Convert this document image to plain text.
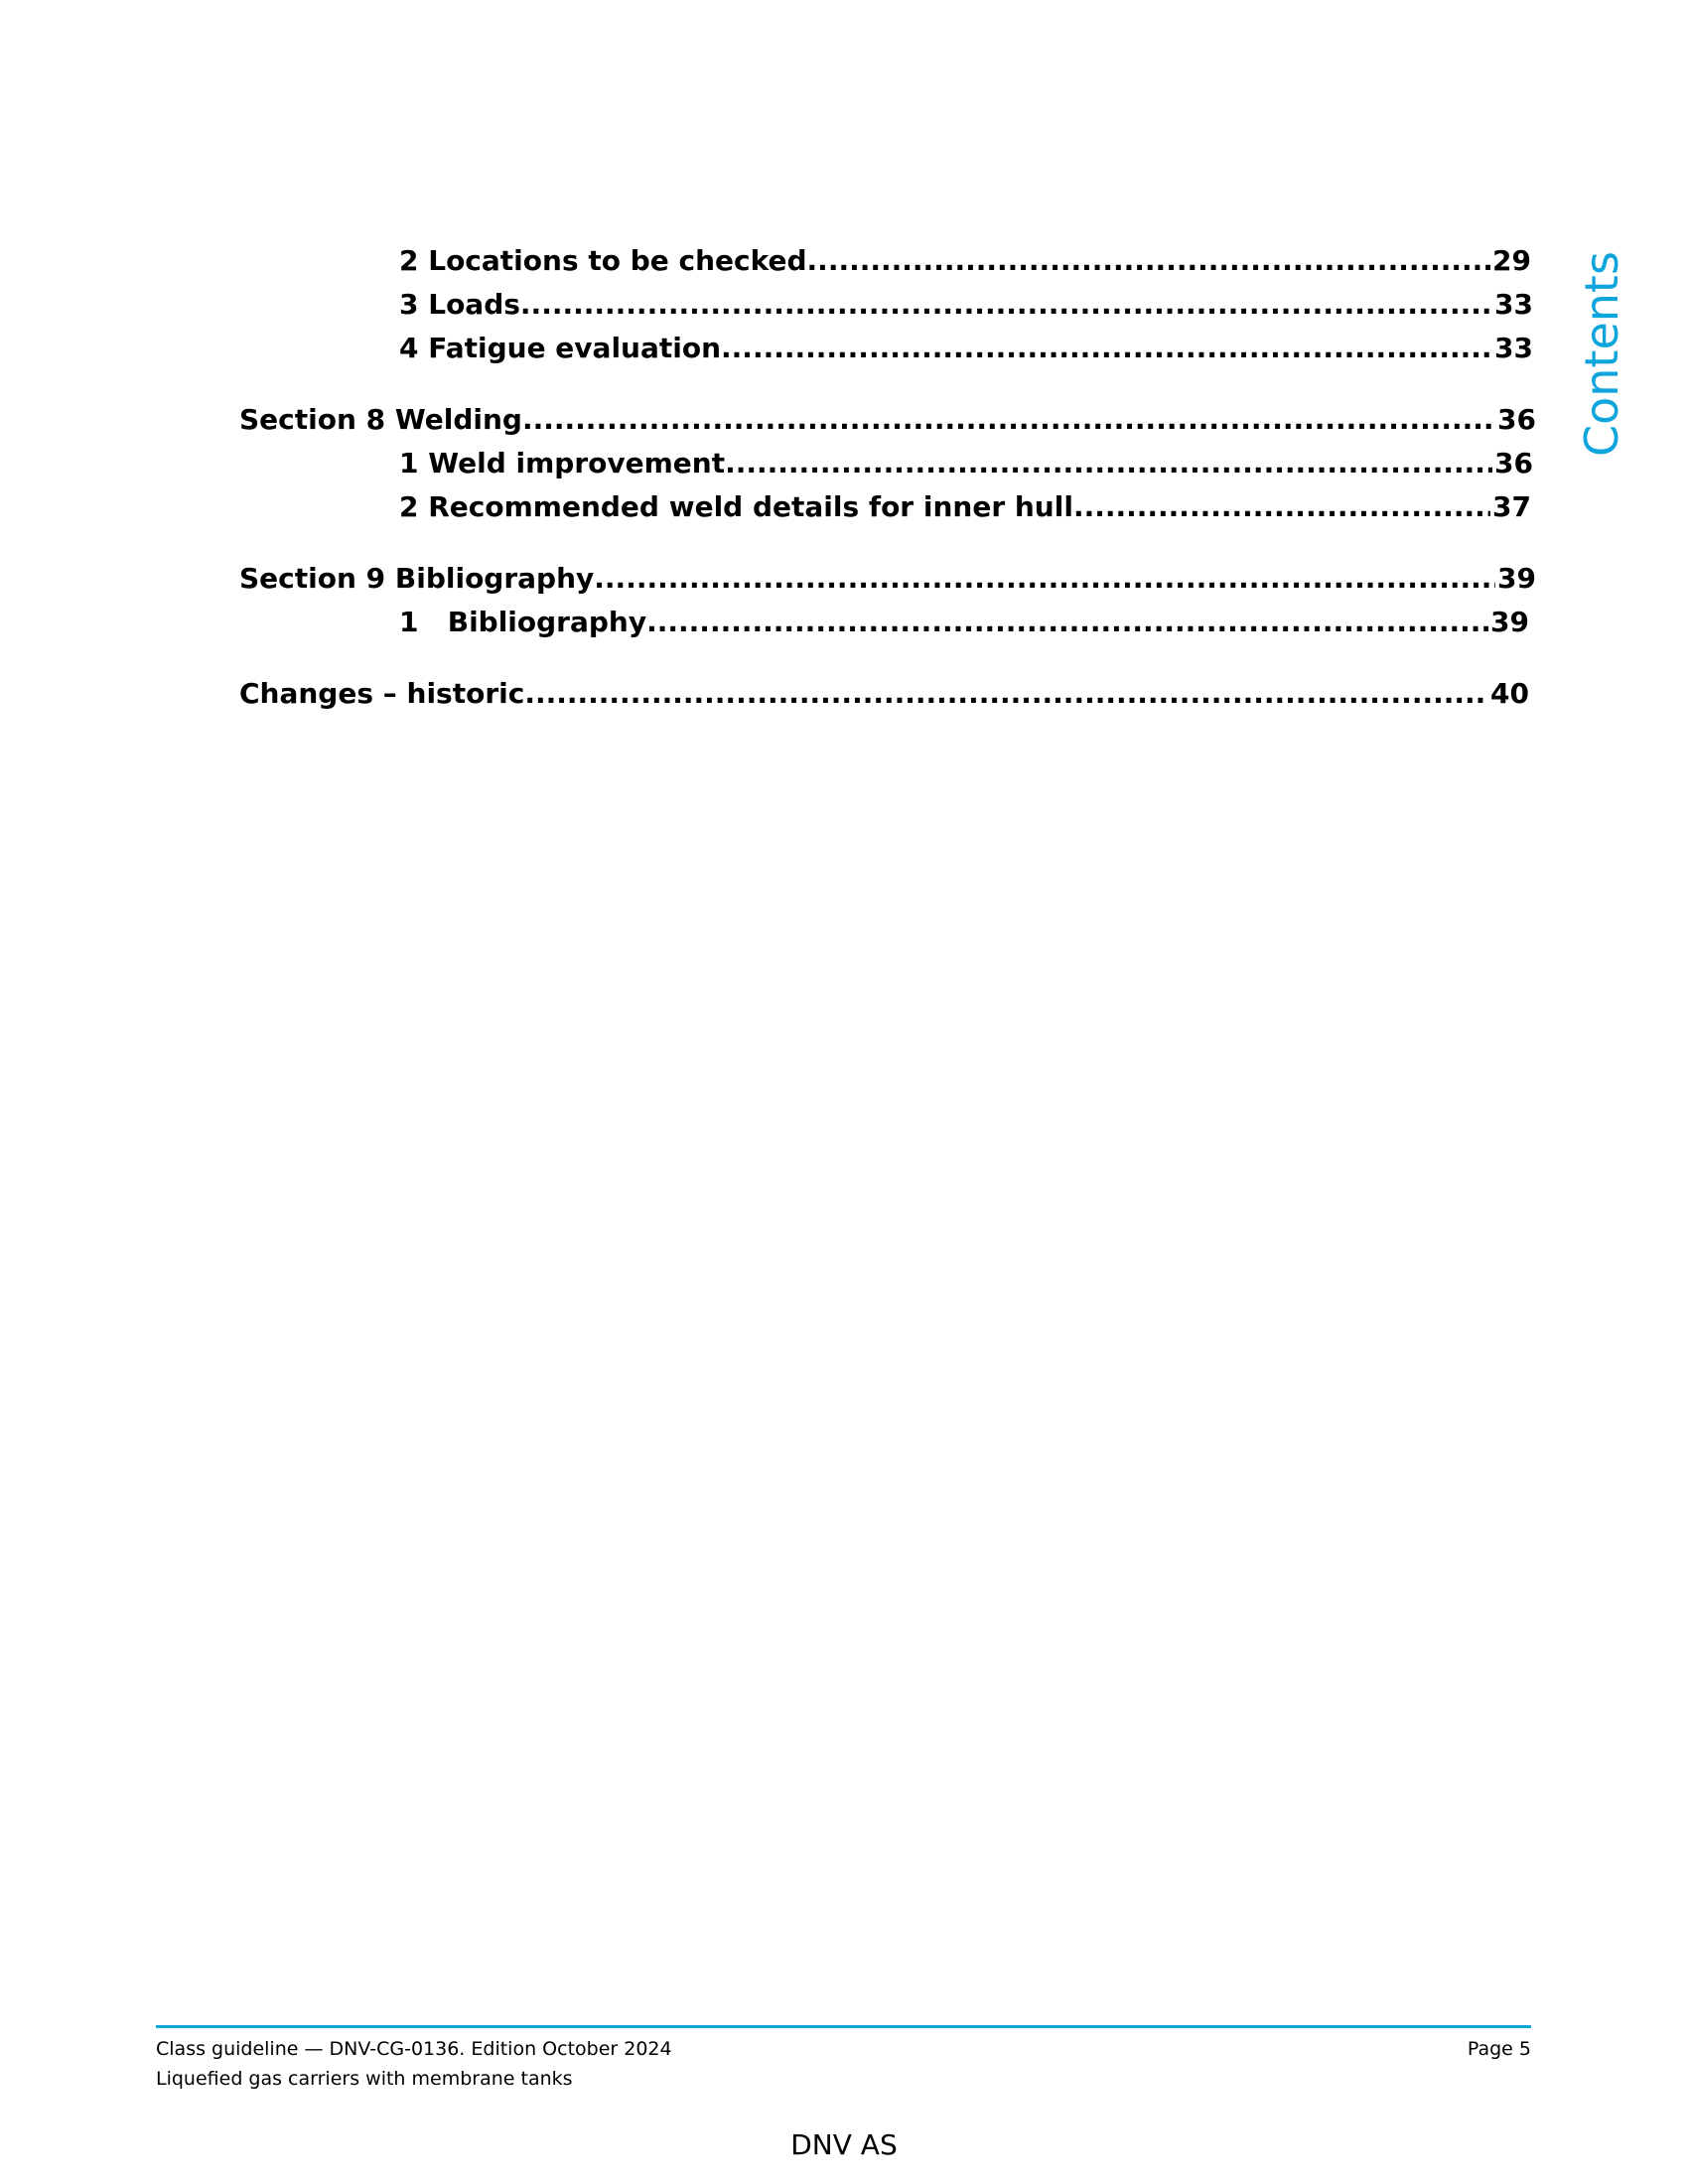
2 Locations to be checked .....	29
3 Loads .....	33
4 Fatigue evaluation .....	33
Section 8 Welding .....	36
1 Weld improvement .....	36
2 Recommended weld details for inner hull .....	37
Section 9 Bibliography .....	39
1   Bibliography .....	39
Changes – historic .....	40
Contents
Class guideline — DNV-CG-0136. Edition October 2024
Liquefied gas carriers with membrane tanks
Page 5
DNV AS
